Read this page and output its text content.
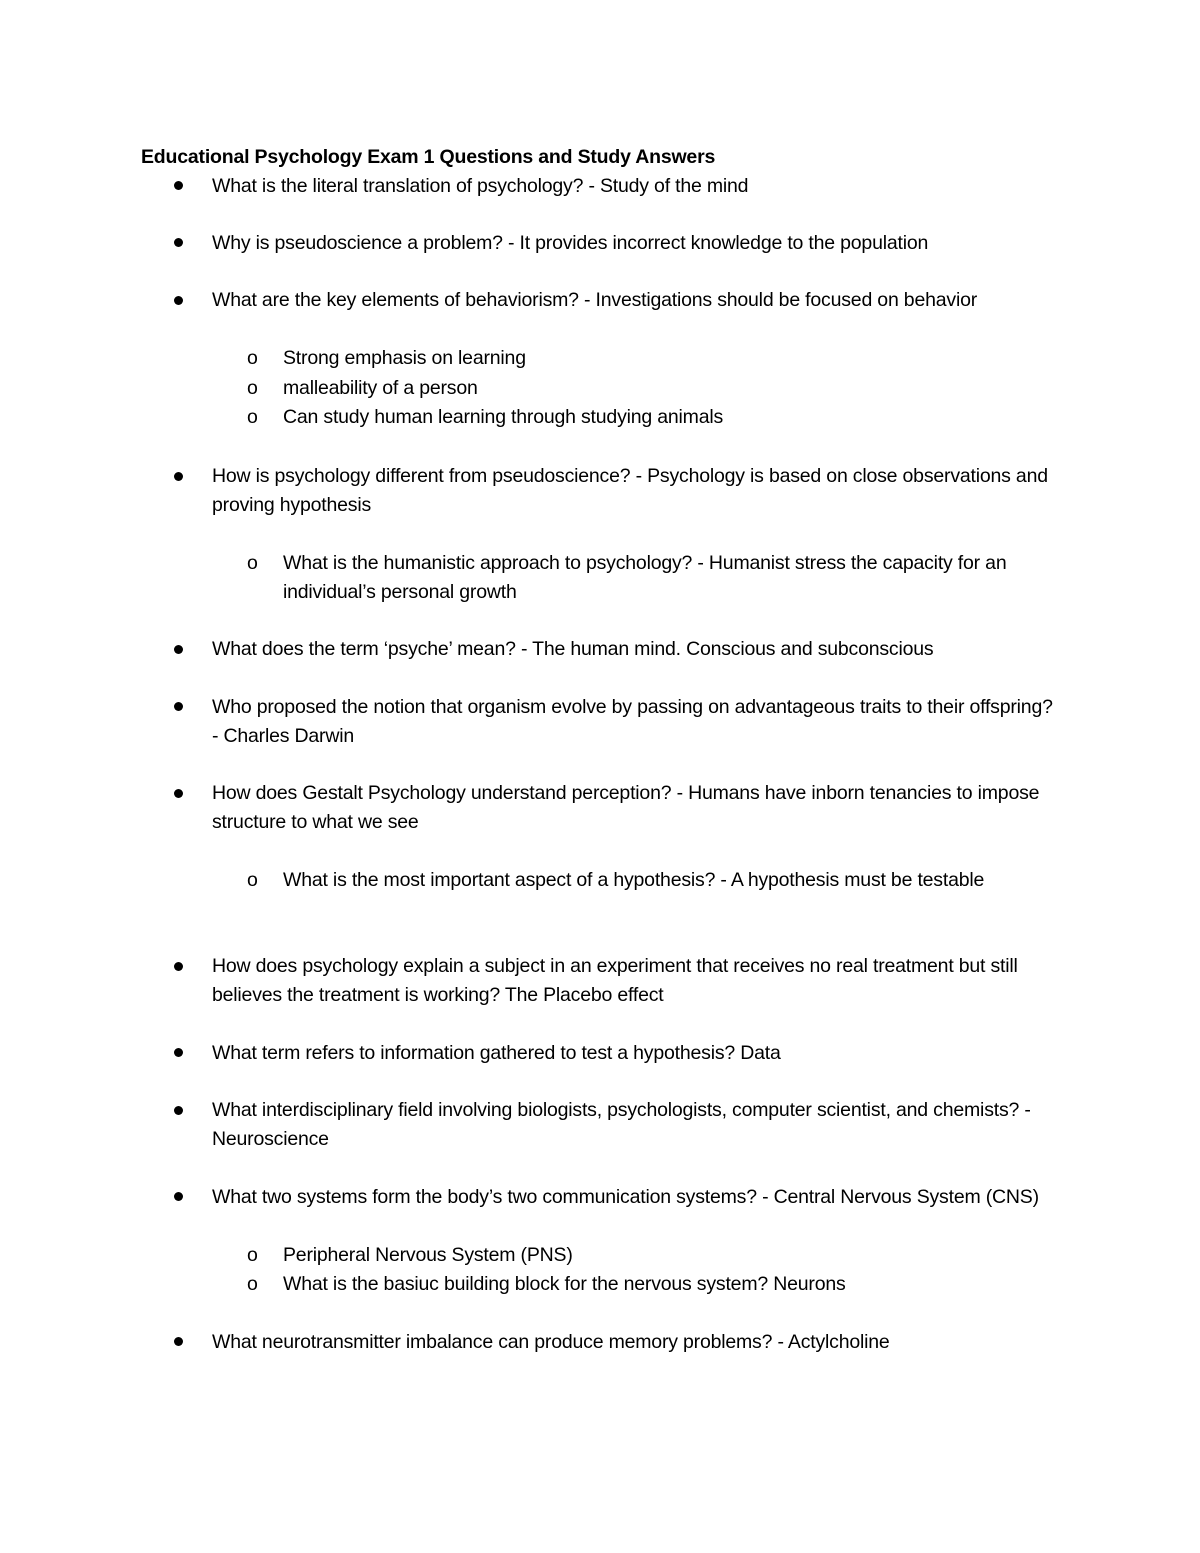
Educational Psychology Exam 1 Questions and Study Answers
What is the literal translation of psychology? - Study of the mind
Why is pseudoscience a problem? - It provides incorrect knowledge to the population
What are the key elements of behaviorism? - Investigations should be focused on behavior
o Strong emphasis on learning
o malleability of a person
o Can study human learning through studying animals
How is psychology different from pseudoscience? - Psychology is based on close observations and proving hypothesis
o What is the humanistic approach to psychology? - Humanist stress the capacity for an individual’s personal growth
What does the term ‘psyche’ mean? - The human mind. Conscious and subconscious
Who proposed the notion that organism evolve by passing on advantageous traits to their offspring? - Charles Darwin
How does Gestalt Psychology understand perception? - Humans have inborn tenancies to impose structure to what we see
o What is the most important aspect of a hypothesis? - A hypothesis must be testable
How does psychology explain a subject in an experiment that receives no real treatment but still believes the treatment is working? The Placebo effect
What term refers to information gathered to test a hypothesis? Data
What interdisciplinary field involving biologists, psychologists, computer scientist, and chemists? - Neuroscience
What two systems form the body’s two communication systems? - Central Nervous System (CNS)
o Peripheral Nervous System (PNS)
o What is the basiuc building block for the nervous system? Neurons
What neurotransmitter imbalance can produce memory problems? - Actylcholine
